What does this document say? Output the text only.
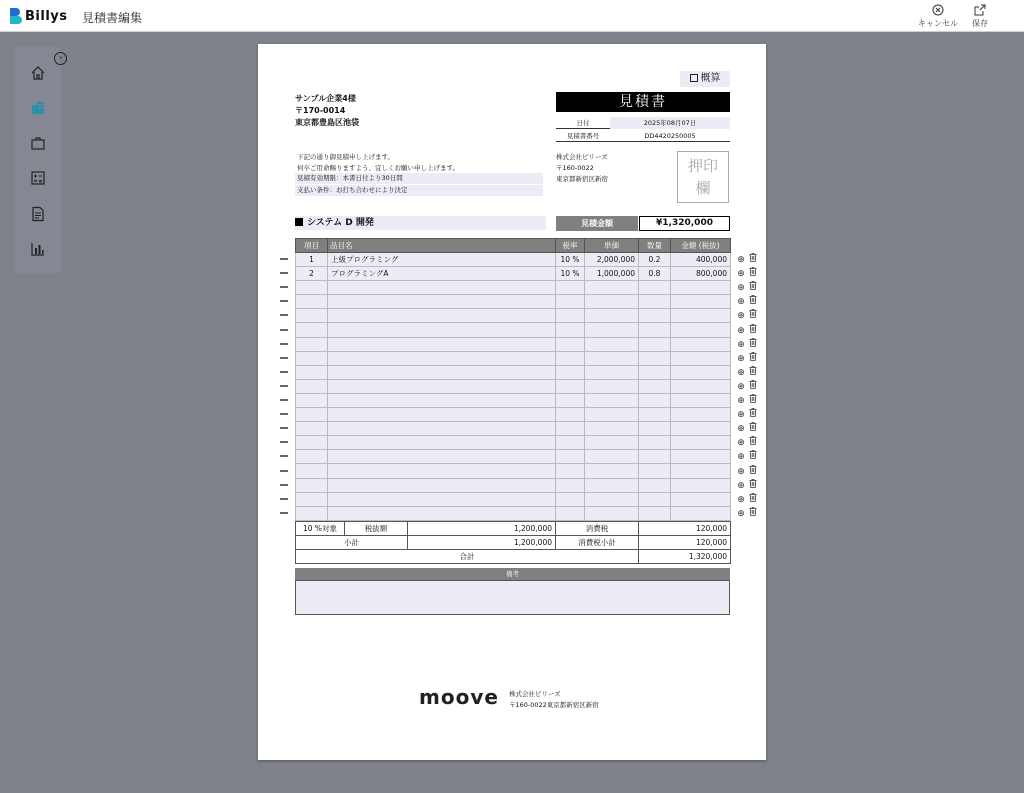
Billys 見積書編集	キャンセル	保存
›
概算
サンプル企業4様
〒170-0014
東京都豊島区池袋
見積書
日付	2025年08月07日
見積書番号	DD4420250005
下記の通り御見積申し上げます。
何卒ご用命賜りますよう、宜しくお願い申し上げます。
見積有効期限：本書日付より30日間
支払い条件：お打ち合わせにより決定
株式会社ビリーズ
〒160-0022
東京都新宿区新宿
押印
欄
システム D 開発	見積金額	¥1,320,000
項目	品目名	税率	単価	数量	金額 (税抜)
1	上級プログラミング	10 %	2,000,000	0.2	400,000
2	プログラミングA	10 %	1,000,000	0.8	800,000

⊕
⊕
⊕
⊕
⊕
⊕
⊕
⊕
⊕
⊕
⊕
⊕
⊕
⊕
⊕
⊕
⊕
⊕
⊕
10 %対象	税抜額	1,200,000	消費税	120,000
小計		1,200,000	消費税小計	120,000
合計				1,320,000
備考
moove 株式会社ビリーズ
〒160-0022東京都新宿区新宿
